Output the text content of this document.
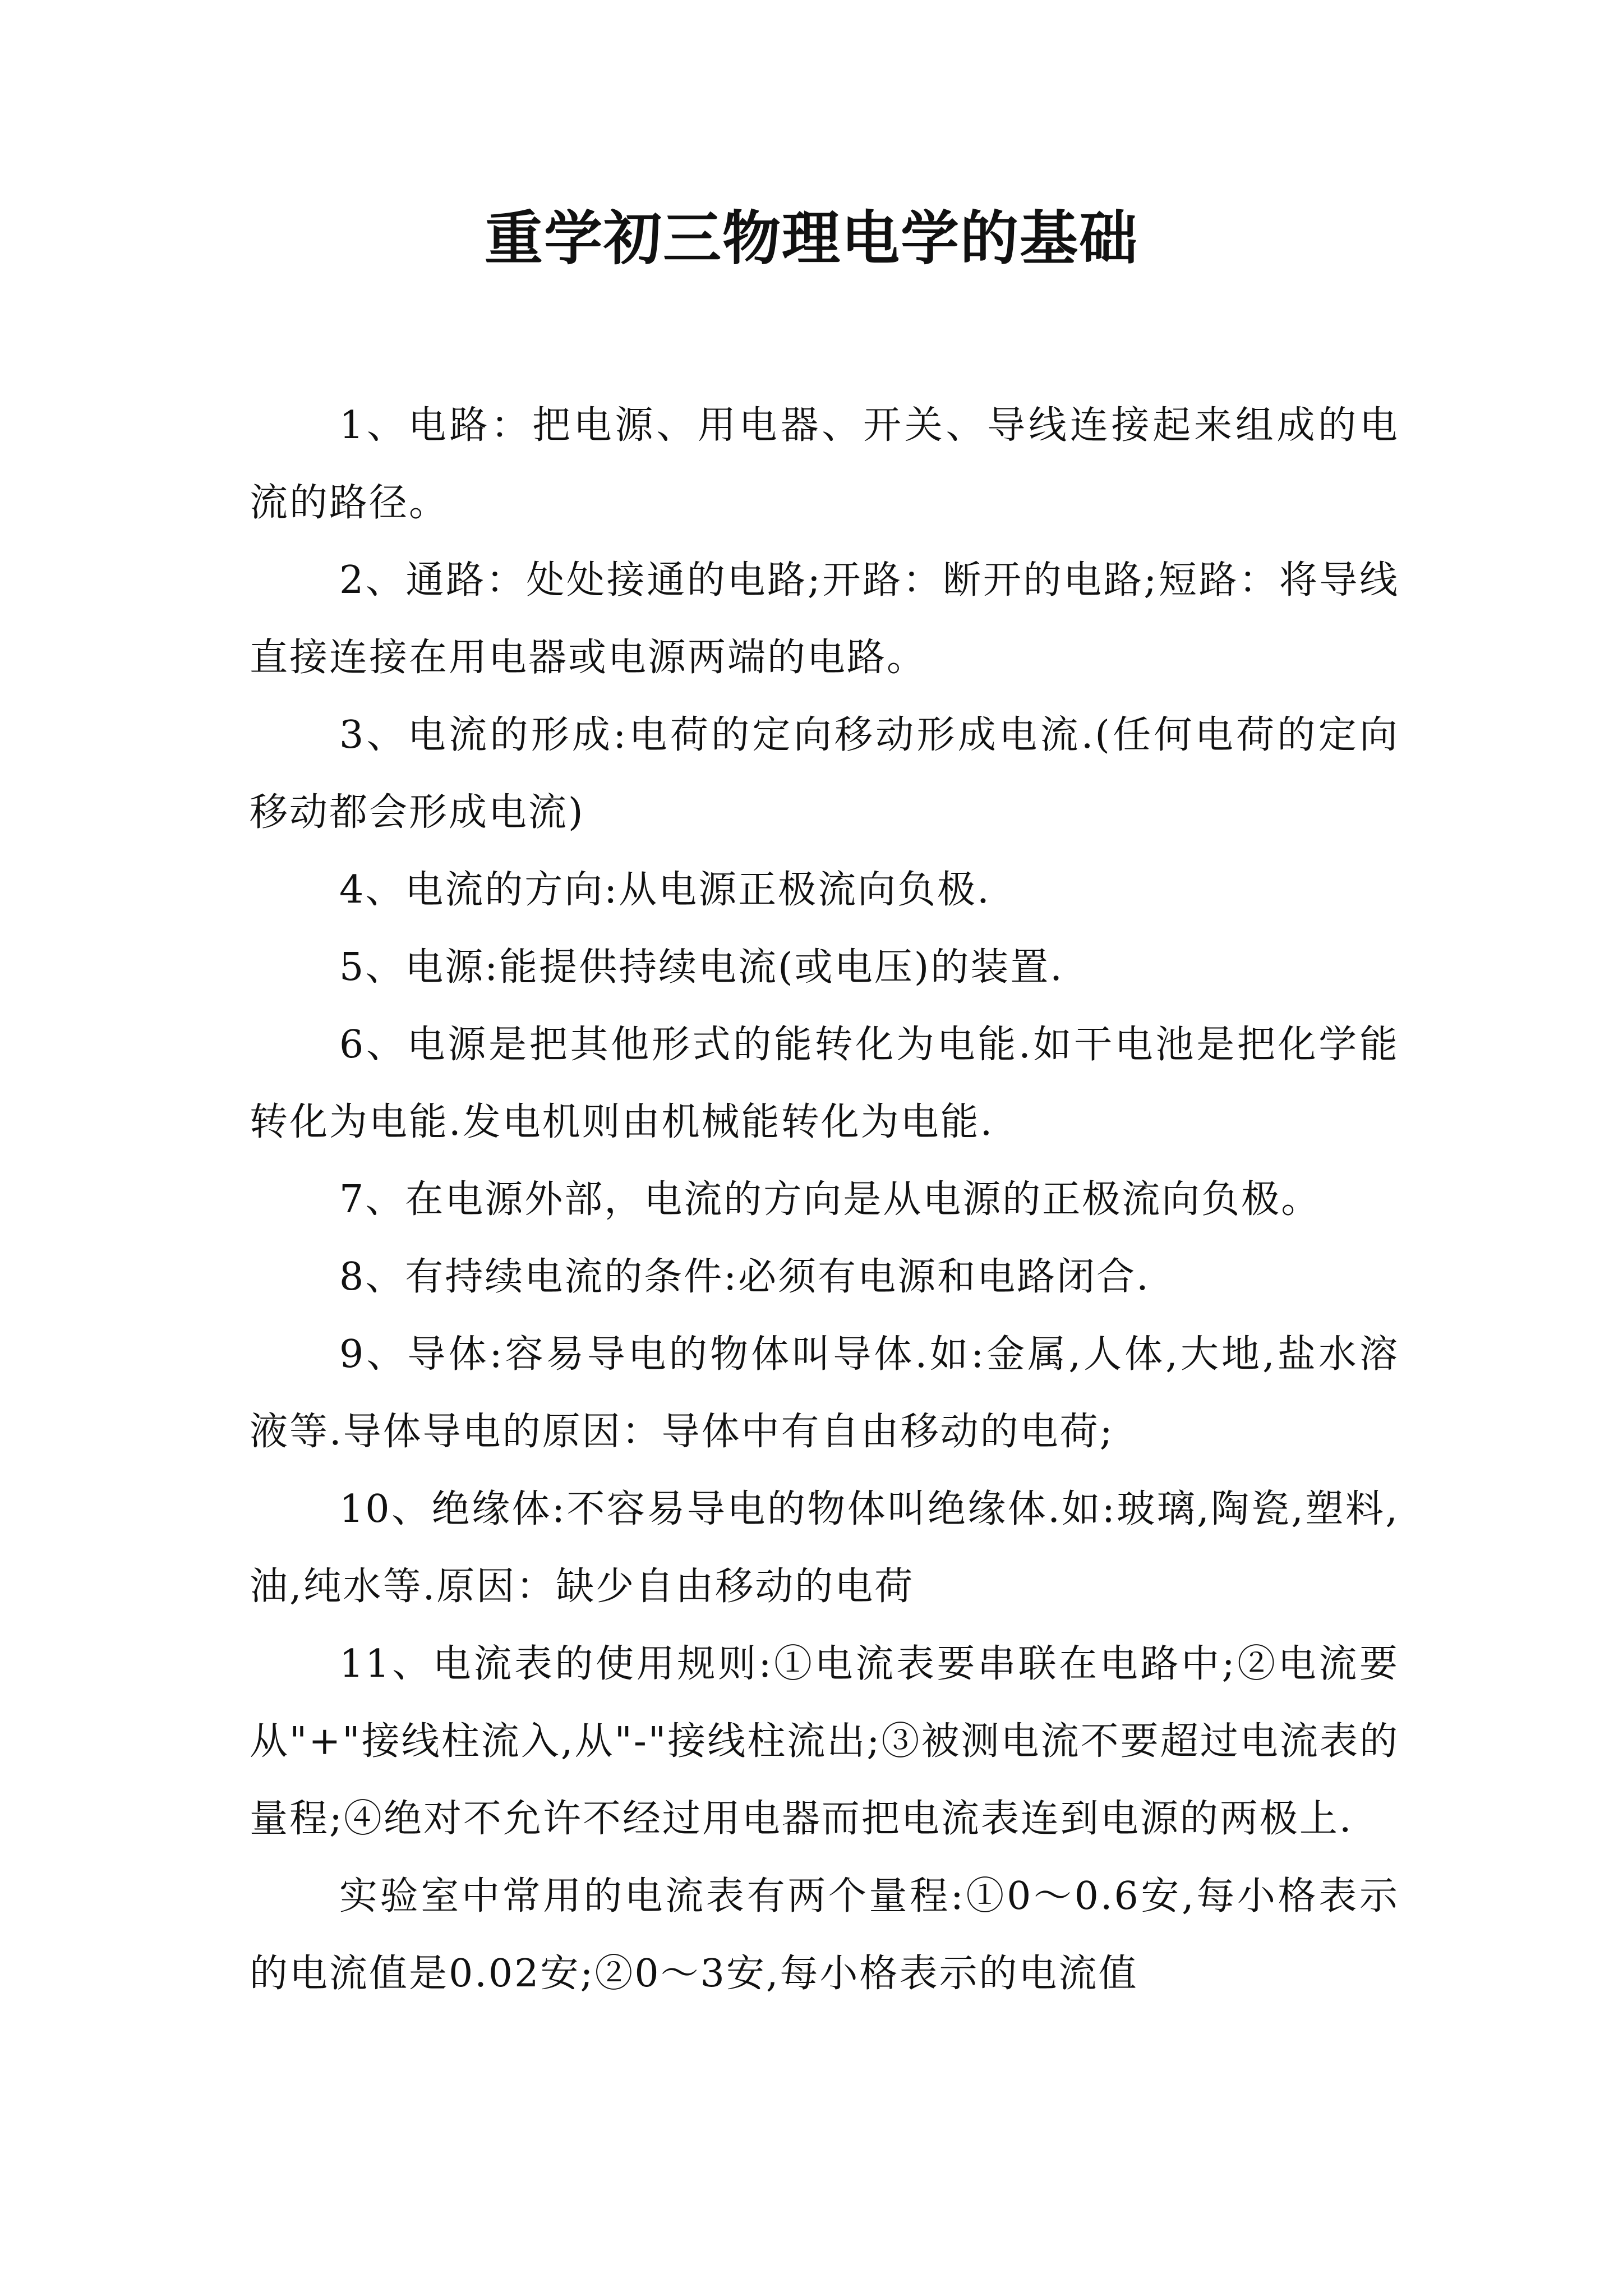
重学初三物理电学的基础

1、电路：把电源、用电器、开关、导线连接起来组成的电流的路径。

2、通路：处处接通的电路;开路：断开的电路;短路：将导线直接连接在用电器或电源两端的电路。

3、电流的形成:电荷的定向移动形成电流.(任何电荷的定向移动都会形成电流)

4、电流的方向:从电源正极流向负极.

5、电源:能提供持续电流(或电压)的装置.

6、电源是把其他形式的能转化为电能.如干电池是把化学能转化为电能.发电机则由机械能转化为电能.

7、在电源外部，电流的方向是从电源的正极流向负极。

8、有持续电流的条件:必须有电源和电路闭合.

9、导体:容易导电的物体叫导体.如:金属,人体,大地,盐水溶液等.导体导电的原因：导体中有自由移动的电荷;

10、绝缘体:不容易导电的物体叫绝缘体.如:玻璃,陶瓷,塑料,油,纯水等.原因：缺少自由移动的电荷

11、电流表的使用规则:①电流表要串联在电路中;②电流要从"+"接线柱流入,从"-"接线柱流出;③被测电流不要超过电流表的量程;④绝对不允许不经过用电器而把电流表连到电源的两极上.

实验室中常用的电流表有两个量程:①0～0.6安,每小格表示的电流值是0.02安;②0～3安,每小格表示的电流值
